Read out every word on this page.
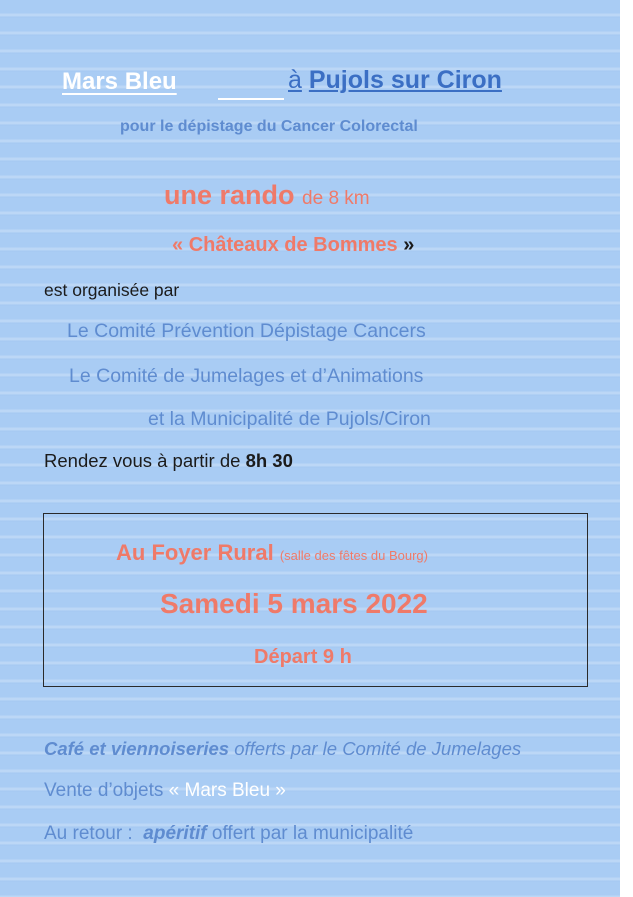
Mars Bleu	à Pujols sur Ciron
pour le dépistage du Cancer Colorectal
une rando de 8 km
« Châteaux de Bommes »
est organisée par
Le Comité Prévention Dépistage Cancers
Le Comité de Jumelages et d’Animations
et la Municipalité de Pujols/Ciron
Rendez vous à partir de 8h 30
Au Foyer Rural (salle des fêtes du Bourg)
Samedi 5 mars 2022
Départ 9 h
Café et viennoiseries offerts par le Comité de Jumelages
Vente d’objets « Mars Bleu »
Au retour : apéritif offert par la municipalité
